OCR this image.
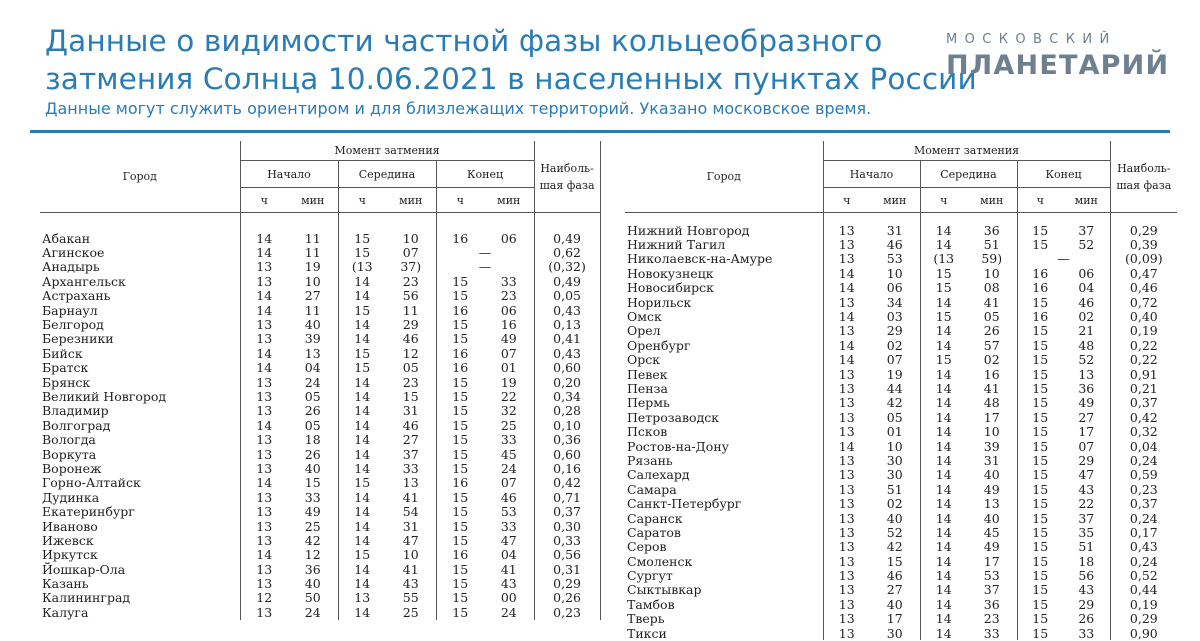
Данные о видимости частной фазы кольцеобразного
затмения Солнца 10.06.2021 в населенных пунктах России
Данные могут служить ориентиром и для близлежащих территорий. Указано московское время.
МОСКОВСКИЙ
ПЛАНЕТАРИЙ
Город	Момент затмения						Наиболь-
шая фаза
	Начало		Середина		Конец		
	ч	мин	ч	мин	ч	мин	

Абакан	14	11	15	10	16	06	0,49
Агинское	14	11	15	07	—		0,62
Анадырь	13	19	(13	37)	—		(0,32)
Архангельск	13	10	14	23	15	33	0,49
Астрахань	14	27	14	56	15	23	0,05
Барнаул	14	11	15	11	16	06	0,43
Белгород	13	40	14	29	15	16	0,13
Березники	13	39	14	46	15	49	0,41
Бийск	14	13	15	12	16	07	0,43
Братск	14	04	15	05	16	01	0,60
Брянск	13	24	14	23	15	19	0,20
Великий Новгород	13	05	14	15	15	22	0,34
Владимир	13	26	14	31	15	32	0,28
Волгоград	14	05	14	46	15	25	0,10
Вологда	13	18	14	27	15	33	0,36
Воркута	13	26	14	37	15	45	0,60
Воронеж	13	40	14	33	15	24	0,16
Горно-Алтайск	14	15	15	13	16	07	0,42
Дудинка	13	33	14	41	15	46	0,71
Екатеринбург	13	49	14	54	15	53	0,37
Иваново	13	25	14	31	15	33	0,30
Ижевск	13	42	14	47	15	47	0,33
Иркутск	14	12	15	10	16	04	0,56
Йошкар-Ола	13	36	14	41	15	41	0,31
Казань	13	40	14	43	15	43	0,29
Калининград	12	50	13	55	15	00	0,26
Калуга	13	24	14	25	15	24	0,23
Город	Момент затмения						Наиболь-
шая фаза
	Начало		Середина		Конец		
	ч	мин	ч	мин	ч	мин	

Нижний Новгород	13	31	14	36	15	37	0,29
Нижний Тагил	13	46	14	51	15	52	0,39
Николаевск-на-Амуре	13	53	(13	59)	—		(0,09)
Новокузнецк	14	10	15	10	16	06	0,47
Новосибирск	14	06	15	08	16	04	0,46
Норильск	13	34	14	41	15	46	0,72
Омск	14	03	15	05	16	02	0,40
Орел	13	29	14	26	15	21	0,19
Оренбург	14	02	14	57	15	48	0,22
Орск	14	07	15	02	15	52	0,22
Певек	13	19	14	16	15	13	0,91
Пенза	13	44	14	41	15	36	0,21
Пермь	13	42	14	48	15	49	0,37
Петрозаводск	13	05	14	17	15	27	0,42
Псков	13	01	14	10	15	17	0,32
Ростов-на-Дону	14	10	14	39	15	07	0,04
Рязань	13	30	14	31	15	29	0,24
Салехард	13	30	14	40	15	47	0,59
Самара	13	51	14	49	15	43	0,23
Санкт-Петербург	13	02	14	13	15	22	0,37
Саранск	13	40	14	40	15	37	0,24
Саратов	13	52	14	45	15	35	0,17
Серов	13	42	14	49	15	51	0,43
Смоленск	13	15	14	17	15	18	0,24
Сургут	13	46	14	53	15	56	0,52
Сыктывкар	13	27	14	37	15	43	0,44
Тамбов	13	40	14	36	15	29	0,19
Тверь	13	17	14	23	15	26	0,29
Тикси	13	30	14	33	15	33	0,90
